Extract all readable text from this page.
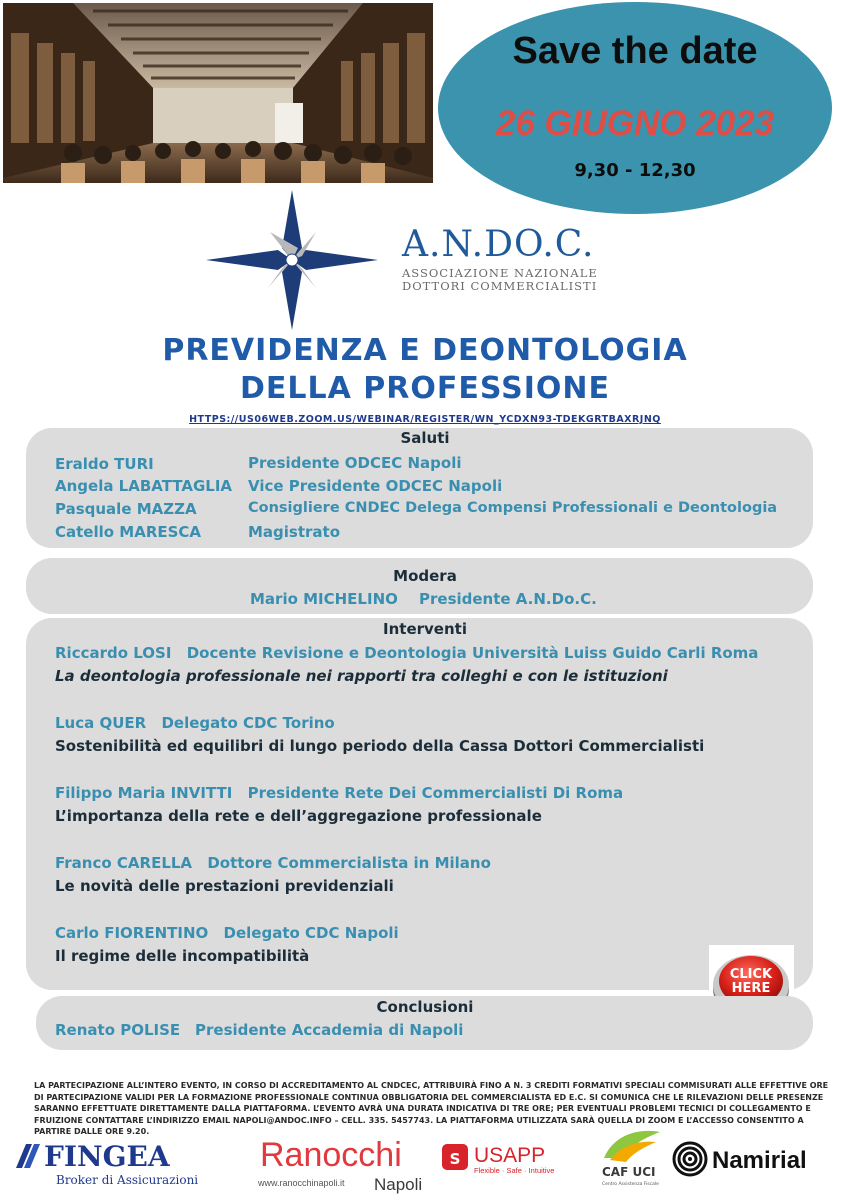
Save the date
26 GIUGNO 2023
9,30 - 12,30
A.N.DO.C.
ASSOCIAZIONE NAZIONALE
DOTTORI COMMERCIALISTI
PREVIDENZA E DEONTOLOGIA
DELLA PROFESSIONE
HTTPS://US06WEB.ZOOM.US/WEBINAR/REGISTER/WN_YCDXN93-TDEKGRTBAXRJNQ
Saluti
Eraldo TURI	Presidente ODCEC Napoli
Angela LABATTAGLIA Vice Presidente ODCEC Napoli
Pasquale MAZZA	Consigliere CNDEC Delega Compensi Professionali e Deontologia
Catello MARESCA	Magistrato
Modera
Mario MICHELINO Presidente A.N.Do.C.
Interventi
Riccardo LOSI Docente Revisione e Deontologia Università Luiss Guido Carli Roma
La deontologia professionale nei rapporti tra colleghi e con le istituzioni
Luca QUER Delegato CDC Torino
Sostenibilità ed equilibri di lungo periodo della Cassa Dottori Commercialisti
Filippo Maria INVITTI Presidente Rete Dei Commercialisti Di Roma
L’importanza della rete e dell’aggregazione professionale
Franco CARELLA Dottore Commercialista in Milano
Le novità delle prestazioni previdenziali
Carlo FIORENTINO Delegato CDC Napoli
Il regime delle incompatibilità
CLICK
HERE
Conclusioni
Renato POLISE Presidente Accademia di Napoli
LA PARTECIPAZIONE ALL’INTERO EVENTO, IN CORSO DI ACCREDITAMENTO AL CNDCEC, ATTRIBUIRÀ FINO A N. 3 CREDITI FORMATIVI SPECIALI COMMISURATI ALLE EFFETTIVE ORE DI PARTECIPAZIONE VALIDI PER LA FORMAZIONE PROFESSIONALE CONTINUA OBBLIGATORIA DEL COMMERCIALISTA ED E.C. SI COMUNICA CHE LE RILEVAZIONI DELLE PRESENZE SARANNO EFFETTUATE DIRETTAMENTE DALLA PIATTAFORMA. L’EVENTO AVRÀ UNA DURATA INDICATIVA DI TRE ORE; PER EVENTUALI PROBLEMI TECNICI DI COLLEGAMENTO E FRUIZIONE CONTATTARE L’INDIRIZZO EMAIL NAPOLI@ANDOC.INFO – CELL. 335. 5457743. LA PIATTAFORMA UTILIZZATA SARÀ QUELLA DI ZOOM E L’ACCESSO CONSENTITO A PARTIRE DALLE ORE 9.20.
FINGEA
Broker di Assicurazioni
Ranocchi
www.ranocchinapoli.it Napoli
S USAPP
Flexible · Safe · Intuitive	CAF UCI
Centro Assistenza Fiscale
Namirial
